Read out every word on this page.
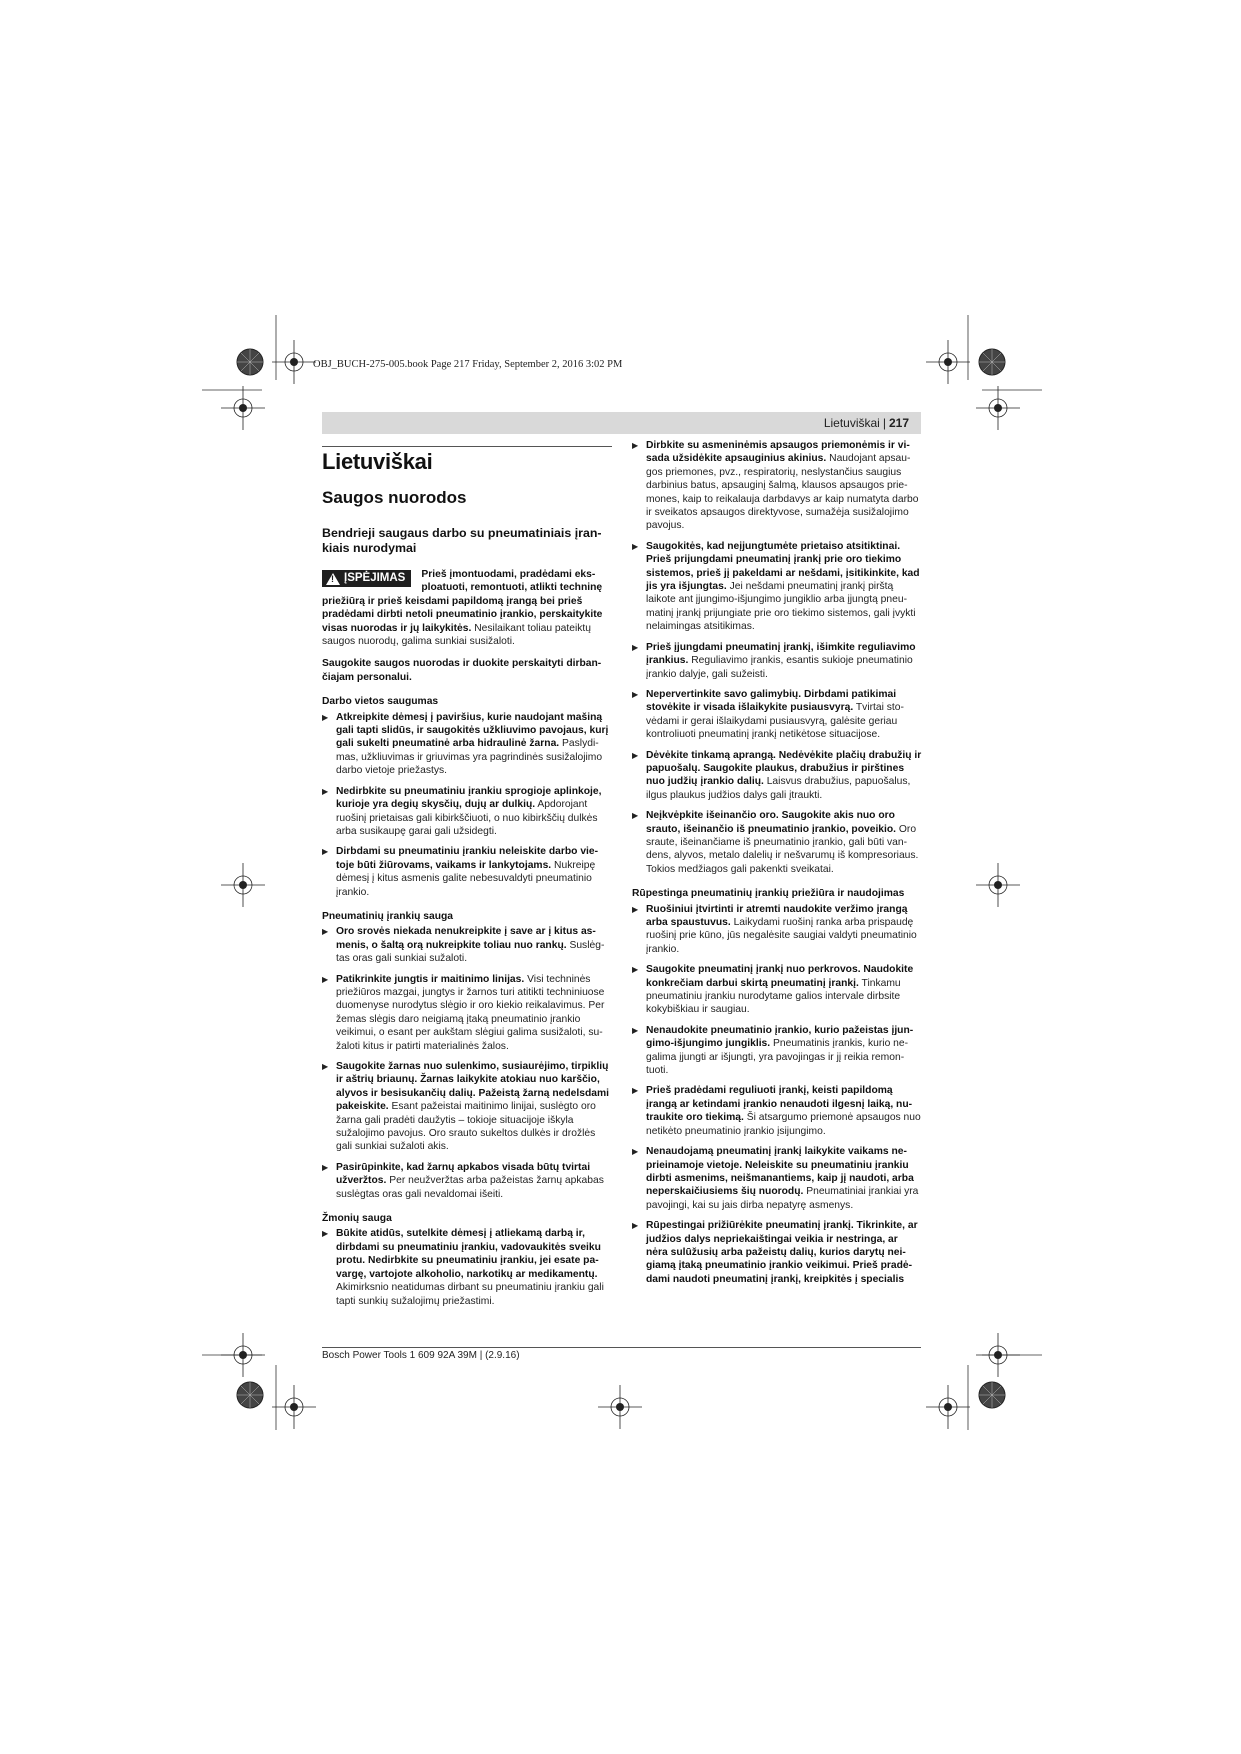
OBJ_BUCH-275-005.book Page 217 Friday, September 2, 2016 3:02 PM
Lietuviškai | 217
Lietuviškai
Saugos nuorodos
Bendrieji saugaus darbo su pneumatiniais įrankiais nurodymai
! ĮSPĖJIMAS	Prieš įmontuodami, pradėdami eksploatuoti, remontuoti, atlikti techninę priežiūrą ir prieš keisdami papildomą įrangą bei prieš pradėdami dirbti netoli pneumatinio įrankio, perskaitykite visas nuorodas ir jų laikykitės. Nesilaikant toliau pateiktų saugos nuorodų, galima sunkiai susižaloti.

Saugokite saugos nuorodas ir duokite perskaityti dirbančiajam personalui.

Darbo vietos saugumas

▶ Atkreipkite dėmesį į paviršius, kurie naudojant mašiną gali tapti slidūs, ir saugokitės užkliuvimo pavojaus, kurį gali sukelti pneumatinė arba hidraulinė žarna. Paslydimas, užkliuvimas ir griuvimas yra pagrindinės susižalojimo darbo vietoje priežastys.
▶ Nedirbkite su pneumatiniu įrankiu sprogioje aplinkoje, kurioje yra degių skysčių, dujų ar dulkių. Apdorojant ruošinį prietaisas gali kibirkščiuoti, o nuo kibirkščių dulkės arba susikaupę garai gali užsidegti.
▶ Dirbdami su pneumatiniu įrankiu neleiskite darbo vietoje būti žiūrovams, vaikams ir lankytojams. Nukreipę dėmesį į kitus asmenis galite nebesuvaldyti pneumatinio įrankio.

Pneumatinių įrankių sauga

▶ Oro srovės niekada nenukreipkite į save ar į kitus asmenis, o šaltą orą nukreipkite toliau nuo rankų. Suslėgtas oras gali sunkiai sužaloti.
▶ Patikrinkite jungtis ir maitinimo linijas. Visi techninės priežiūros mazgai, jungtys ir žarnos turi atitikti techniniuose duomenyse nurodytus slėgio ir oro kiekio reikalavimus. Per žemas slėgis daro neigiamą įtaką pneumatinio įrankio veikimui, o esant per aukštam slėgiui galima susižaloti, sužaloti kitus ir patirti materialinės žalos.
▶ Saugokite žarnas nuo sulenkimo, susiaurėjimo, tirpiklių ir aštrių briaunų. Žarnas laikykite atokiau nuo karščio, alyvos ir besisukančių dalių. Pažeistą žarną nedelsdami pakeiskite. Esant pažeistai maitinimo linijai, suslėgto oro žarna gali pradėti daužytis – tokioje situacijoje iškyla sužalojimo pavojus. Oro srauto sukeltos dulkės ir drožlės gali sunkiai sužaloti akis.
▶ Pasirūpinkite, kad žarnų apkabos visada būtų tvirtai užveržtos. Per neužveržtas arba pažeistas žarnų apkabas suslėgtas oras gali nevaldomai išeiti.

Žmonių sauga

▶ Būkite atidūs, sutelkite dėmesį į atliekamą darbą ir, dirbdami su pneumatiniu įrankiu, vadovaukitės sveiku protu. Nedirbkite su pneumatiniu įrankiu, jei esate pavargę, vartojote alkoholio, narkotikų ar medikamentų. Akimirksnio neatidumas dirbant su pneumatiniu įrankiu gali tapti sunkių sužalojimų priežastimi.
▶ Dirbkite su asmeninėmis apsaugos priemonėmis ir visada užsidėkite apsauginius akinius. Naudojant apsaugos priemones, pvz., respiratorių, neslystančius saugius darbinius batus, apsauginį šalmą, klausos apsaugos priemones, kaip to reikalauja darbdavys ar kaip numatyta darbo ir sveikatos apsaugos direktyvose, sumažėja susižalojimo pavojus.
▶ Saugokitės, kad neįjungtumėte prietaiso atsitiktinai. Prieš prijungdami pneumatinį įrankį prie oro tiekimo sistemos, prieš jį pakeldami ar nešdami, įsitikinkite, kad jis yra išjungtas. Jei nešdami pneumatinį įrankį pirštą laikote ant įjungimo-išjungimo jungiklio arba įjungtą pneumatinį įrankį prijungiate prie oro tiekimo sistemos, gali įvykti nelaimingas atsitikimas.
▶ Prieš įjungdami pneumatinį įrankį, išimkite reguliavimo įrankius. Reguliavimo įrankis, esantis sukioje pneumatinio įrankio dalyje, gali sužeisti.
▶ Nepervertinkite savo galimybių. Dirbdami patikimai stovėkite ir visada išlaikykite pusiausvyrą. Tvirtai stovėdami ir gerai išlaikydami pusiausvyrą, galėsite geriau kontroliuoti pneumatinį įrankį netikėtose situacijose.
▶ Dėvėkite tinkamą aprangą. Nedėvėkite plačių drabužių ir papuošalų. Saugokite plaukus, drabužius ir pirštines nuo judžių įrankio dalių. Laisvus drabužius, papuošalus, ilgus plaukus judžios dalys gali įtraukti.
▶ Neįkvėpkite išeinančio oro. Saugokite akis nuo oro srauto, išeinančio iš pneumatinio įrankio, poveikio. Oro sraute, išeinančiame iš pneumatinio įrankio, gali būti vandens, alyvos, metalo dalelių ir nešvarumų iš kompresoriaus. Tokios medžiagos gali pakenkti sveikatai.

Rūpestinga pneumatinių įrankių priežiūra ir naudojimas

▶ Ruošiniui įtvirtinti ir atremti naudokite veržimo įrangą arba spaustuvus. Laikydami ruošinį ranka arba prispaudę ruošinį prie kūno, jūs negalėsite saugiai valdyti pneumatinio įrankio.
▶ Saugokite pneumatinį įrankį nuo perkrovos. Naudokite konkrečiam darbui skirtą pneumatinį įrankį. Tinkamu pneumatiniu įrankiu nurodytame galios intervale dirbsite kokybiškiau ir saugiau.
▶ Nenaudokite pneumatinio įrankio, kurio pažeistas įjungimo-išjungimo jungiklis. Pneumatinis įrankis, kurio negalima įjungti ar išjungti, yra pavojingas ir jį reikia remontuoti.
▶ Prieš pradėdami reguliuoti įrankį, keisti papildomą įrangą ar ketindami įrankio nenaudoti ilgesnį laiką, nutraukite oro tiekimą. Ši atsargumo priemonė apsaugos nuo netikėto pneumatinio įrankio įsijungimo.
▶ Nenaudojamą pneumatinį įrankį laikykite vaikams neprieinamoje vietoje. Neleiskite su pneumatiniu įrankiu dirbti asmenims, neišmanantiems, kaip jį naudoti, arba neperskaičiusiems šių nuorodų. Pneumatiniai įrankiai yra pavojingi, kai su jais dirba nepatyrę asmenys.
▶ Rūpestingai prižiūrėkite pneumatinį įrankį. Tikrinkite, ar judžios dalys nepriekaištingai veikia ir nestringa, ar nėra sulūžusių arba pažeistų dalių, kurios darytų neigiamą įtaką pneumatinio įrankio veikimui. Prieš pradėdami naudoti pneumatinį įrankį, kreipkitės į specialis
Bosch Power Tools 1 609 92A 39M | (2.9.16)
